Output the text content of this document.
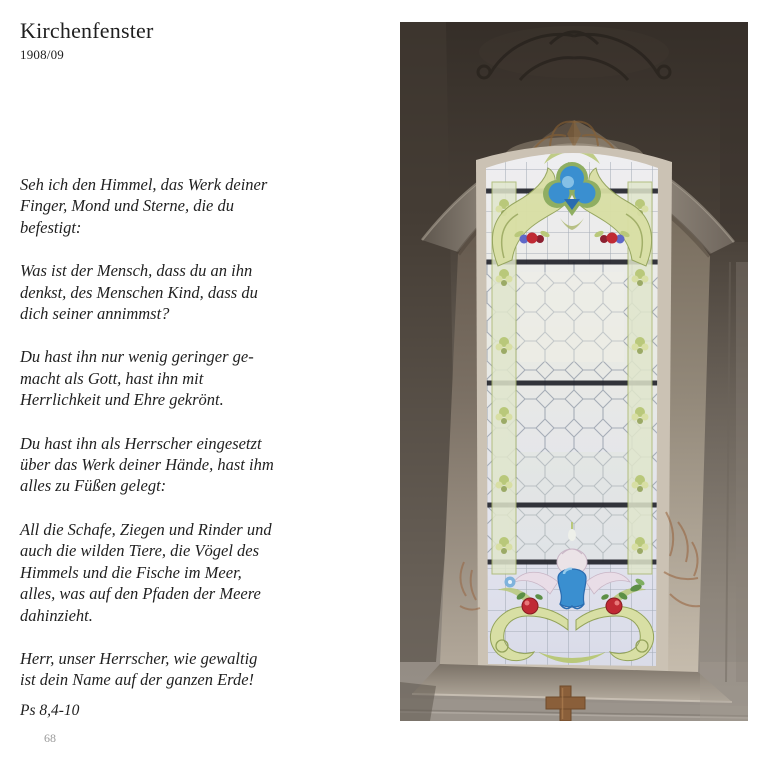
Kirchenfenster
1908/09
Seh ich den Himmel, das Werk deiner
Finger, Mond und Sterne, die du
befestigt:
Was ist der Mensch, dass du an ihn
denkst, des Menschen Kind, dass du
dich seiner annimmst?
Du hast ihn nur wenig geringer ge-
macht als Gott, hast ihn mit
Herrlichkeit und Ehre gekrönt.
Du hast ihn als Herrscher eingesetzt
über das Werk deiner Hände, hast ihm
alles zu Füßen gelegt:
All die Schafe, Ziegen und Rinder und
auch die wilden Tiere, die Vögel des
Himmels und die Fische im Meer,
alles, was auf den Pfaden der Meere
dahinzieht.
Herr, unser Herrscher, wie gewaltig
ist dein Name auf der ganzen Erde!
Ps 8,4-10
68
